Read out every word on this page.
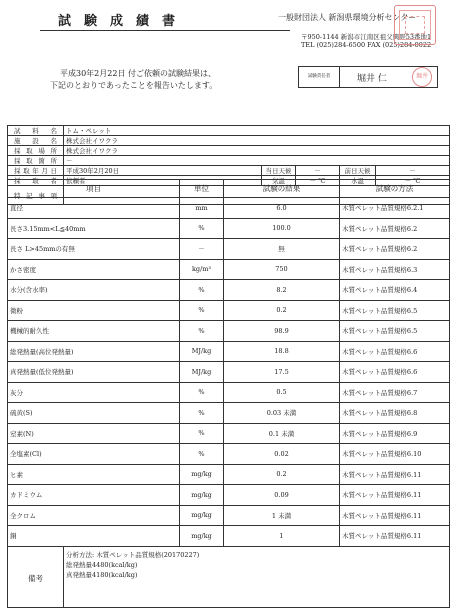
試験成績書	一般財団法人 新潟県環境分析センター
〒950-1144 新潟市江南区祖父興野53番地1
TEL (025)284-6500 FAX (025)284-0022
平成30年2月22日 付ご依頼の試験結果は、
下記のとおりであったことを報告いたします。
試験責任者	堀井 仁	堀井
試料名	トム・ペレット				
施設名	株式会社イワクラ				
採取場所	株式会社イワクラ				
採取箇所	－				
採取年月日	平成30年2月20日	当日天候	－	前日天候	－
採取者	依頼者	気温	－ ℃	水温	－ ℃
特記事項					
項目		単位	試験の結果	試験の方法
直径		mm	6.0	木質ペレット品質規格6.2.1
長さ3.15mm<L≦40mm		%	100.0	木質ペレット品質規格6.2
長さ L>45mmの有無		－	無	木質ペレット品質規格6.2
かさ密度		kg/m³	750	木質ペレット品質規格6.3
水分(含水率)		%	8.2	木質ペレット品質規格6.4
微粉		%	0.2	木質ペレット品質規格6.5
機械的耐久性		%	98.9	木質ペレット品質規格6.5
総発熱量(高位発熱量)		MJ/kg	18.8	木質ペレット品質規格6.6
真発熱量(低位発熱量)		MJ/kg	17.5	木質ペレット品質規格6.6
灰分		%	0.5	木質ペレット品質規格6.7
硫黄(S)		%	0.03 未満	木質ペレット品質規格6.8
窒素(N)		%	0.1 未満	木質ペレット品質規格6.9
全塩素(Cl)		%	0.02	木質ペレット品質規格6.10
ヒ素		mg/kg	0.2	木質ペレット品質規格6.11
カドミウム		mg/kg	0.09	木質ペレット品質規格6.11
全クロム		mg/kg	1 未満	木質ペレット品質規格6.11
銅		mg/kg	1	木質ペレット品質規格6.11
備考	分析方法: 木質ペレット品質規格(20170227)
総発熱量4480(kcal/kg)
真発熱量4180(kcal/kg)			
